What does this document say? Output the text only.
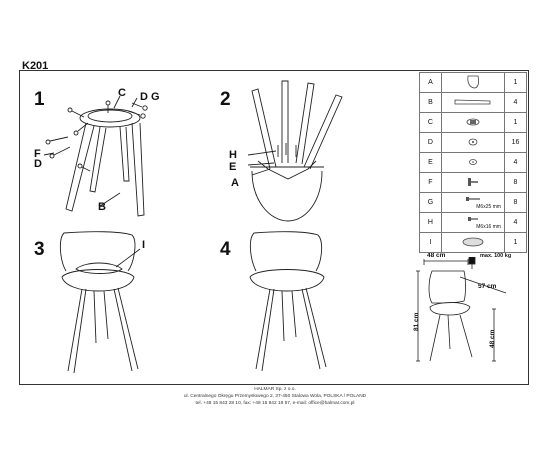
K201
1	2
3	4
C D G
F
D
B
H
E
A
I
48 cm	max. 100 kg
57 cm
81 cm
48 cm
A		1
B		4
C		1
D		16
E		4
F		8
G	M6x25 mm	8
H	M6x16 mm	4
I		1
HALMAR Sp. z o.o.
ul. Centralnego Okręgu Przemysłowego 2, 37-450 Stalowa Wola, POLSKA / POLAND
tel. +48 15 843 28 10, fax: +48 15 842 19 57, e-mail: office@halmar.com.pl
